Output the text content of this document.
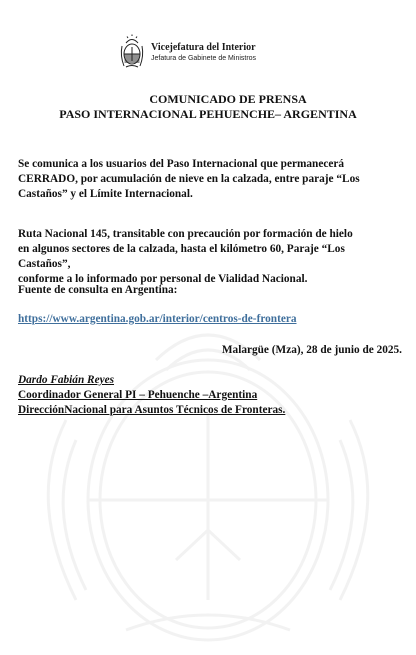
Vicejefatura del Interior
Jefatura de Gabinete de Ministros

COMUNICADO DE PRENSA

PASO INTERNACIONAL PEHUENCHE– ARGENTINA

Se comunica a los usuarios del Paso Internacional que permanecerá
CERRADO, por acumulación de nieve en la calzada, entre paraje “Los
Castaños” y el Límite Internacional.
Ruta Nacional 145, transitable con precaución por formación de hielo
en algunos sectores de la calzada, hasta el kilómetro 60, Paraje “Los
Castaños”,
conforme a lo informado por personal de Vialidad Nacional.
Fuente de consulta en Argentina:
https://www.argentina.gob.ar/interior/centros-de-frontera
Malargüe (Mza), 28 de junio de 2025.
Dardo Fabián Reyes
Coordinador General PI – Pehuenche –Argentina
DirecciónNacional para Asuntos Técnicos de Fronteras.
